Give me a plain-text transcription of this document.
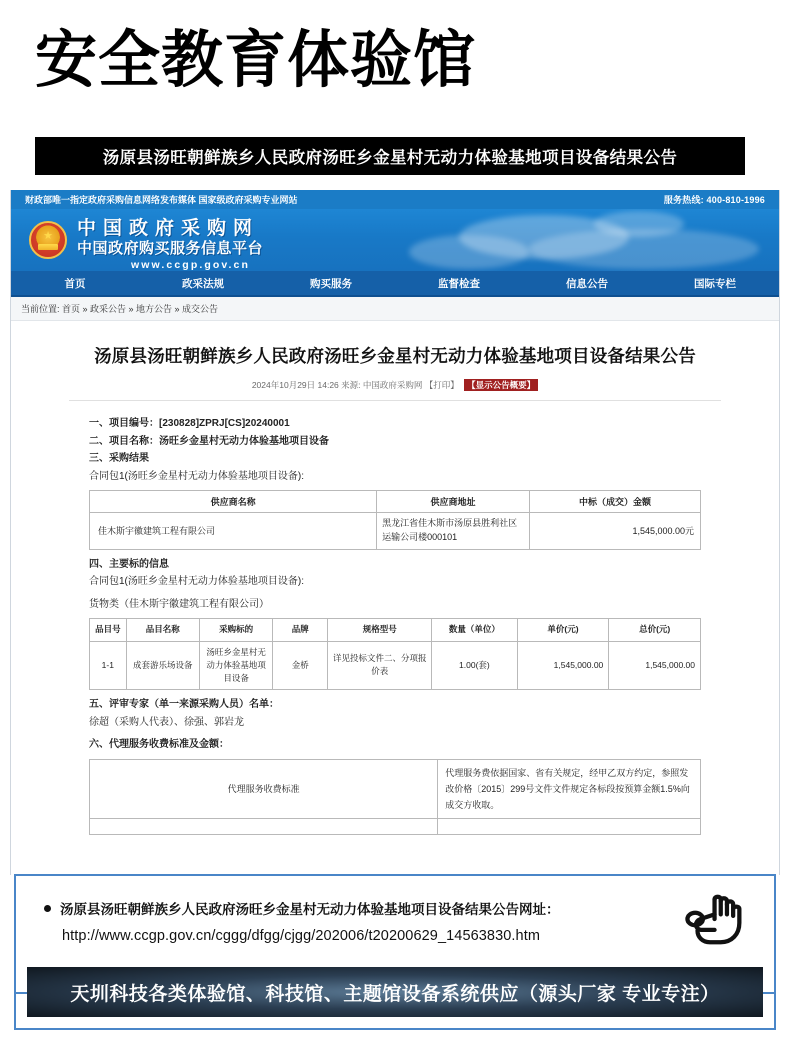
安全教育体验馆
汤原县汤旺朝鲜族乡人民政府汤旺乡金星村无动力体验基地项目设备结果公告
财政部唯一指定政府采购信息网络发布媒体 国家级政府采购专业网站	服务热线: 400-810-1996
★ 中国政府采购网
中国政府购买服务信息平台
www.ccgp.gov.cn
首页	政采法规	购买服务	监督检查	信息公告	国际专栏
当前位置: 首页 » 政采公告 » 地方公告 » 成交公告
汤原县汤旺朝鲜族乡人民政府汤旺乡金星村无动力体验基地项目设备结果公告
2024年10月29日 14:26 来源: 中国政府采购网 【打印】 【显示公告概要】
一、项目编号：[230828]ZPRJ[CS]20240001
二、项目名称：汤旺乡金星村无动力体验基地项目设备
三、采购结果
合同包1(汤旺乡金星村无动力体验基地项目设备):
供应商名称	供应商地址	中标（成交）金额
佳木斯宇徽建筑工程有限公司	黑龙江省佳木斯市汤原县胜利社区运输公司楼000101	1,545,000.00元
四、主要标的信息
合同包1(汤旺乡金星村无动力体验基地项目设备):
货物类（佳木斯宇徽建筑工程有限公司）
品目号	品目名称	采购标的	品牌	规格型号	数量（单位）	单价(元)	总价(元)
1-1	成套游乐场设备	汤旺乡金星村无动力体验基地项目设备	金桥	详见投标文件二、分项报价表	1.00(套)	1,545,000.00	1,545,000.00
五、评审专家（单一来源采购人员）名单：
徐超（采购人代表）、徐强、郭岩龙
六、代理服务收费标准及金额：
代理服务收费标准	代理服务费依据国家、省有关规定，经甲乙双方约定，参照发改价格〔2015〕299号文件文件规定各标段按预算金额1.5%向成交方收取。

汤原县汤旺朝鲜族乡人民政府汤旺乡金星村无动力体验基地项目设备结果公告网址：
http://www.ccgp.gov.cn/cggg/dfgg/cjgg/202006/t20200629_14563830.htm
天圳科技各类体验馆、科技馆、主题馆设备系统供应（源头厂家 专业专注）
